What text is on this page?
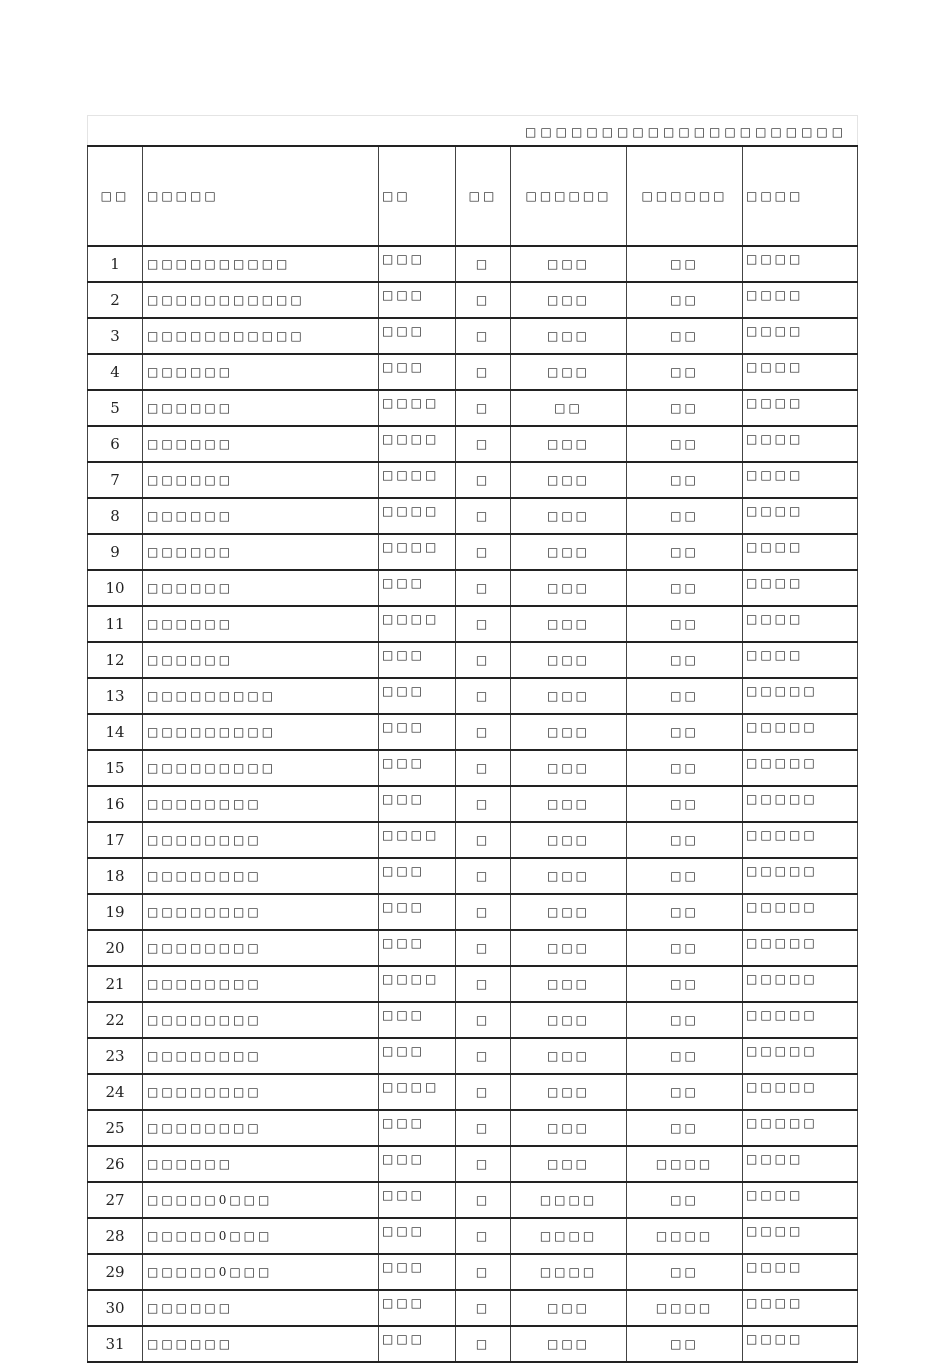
□□□□□□□□□□□□□□□□□□□□□
□□	□□□□□	□□	□□	□□□□□□	□□□□□□	□□□□
1	□□□□□□□□□□	□□□	□	□□□	□□	□□□□
2	□□□□□□□□□□□	□□□	□	□□□	□□	□□□□
3	□□□□□□□□□□□	□□□	□	□□□	□□	□□□□
4	□□□□□□	□□□	□	□□□	□□	□□□□
5	□□□□□□	□□□□	□	□□	□□	□□□□
6	□□□□□□	□□□□	□	□□□	□□	□□□□
7	□□□□□□	□□□□	□	□□□	□□	□□□□
8	□□□□□□	□□□□	□	□□□	□□	□□□□
9	□□□□□□	□□□□	□	□□□	□□	□□□□
10	□□□□□□	□□□	□	□□□	□□	□□□□
11	□□□□□□	□□□□	□	□□□	□□	□□□□
12	□□□□□□	□□□	□	□□□	□□	□□□□
13	□□□□□□□□□	□□□	□	□□□	□□	□□□□□
14	□□□□□□□□□	□□□	□	□□□	□□	□□□□□
15	□□□□□□□□□	□□□	□	□□□	□□	□□□□□
16	□□□□□□□□	□□□	□	□□□	□□	□□□□□
17	□□□□□□□□	□□□□	□	□□□	□□	□□□□□
18	□□□□□□□□	□□□	□	□□□	□□	□□□□□
19	□□□□□□□□	□□□	□	□□□	□□	□□□□□
20	□□□□□□□□	□□□	□	□□□	□□	□□□□□
21	□□□□□□□□	□□□□	□	□□□	□□	□□□□□
22	□□□□□□□□	□□□	□	□□□	□□	□□□□□
23	□□□□□□□□	□□□	□	□□□	□□	□□□□□
24	□□□□□□□□	□□□□	□	□□□	□□	□□□□□
25	□□□□□□□□	□□□	□	□□□	□□	□□□□□
26	□□□□□□	□□□	□	□□□	□□□□	□□□□
27	□□□□□0□□□	□□□	□	□□□□	□□	□□□□
28	□□□□□0□□□	□□□	□	□□□□	□□□□	□□□□
29	□□□□□0□□□	□□□	□	□□□□	□□	□□□□
30	□□□□□□	□□□	□	□□□	□□□□	□□□□
31	□□□□□□	□□□	□	□□□	□□	□□□□
